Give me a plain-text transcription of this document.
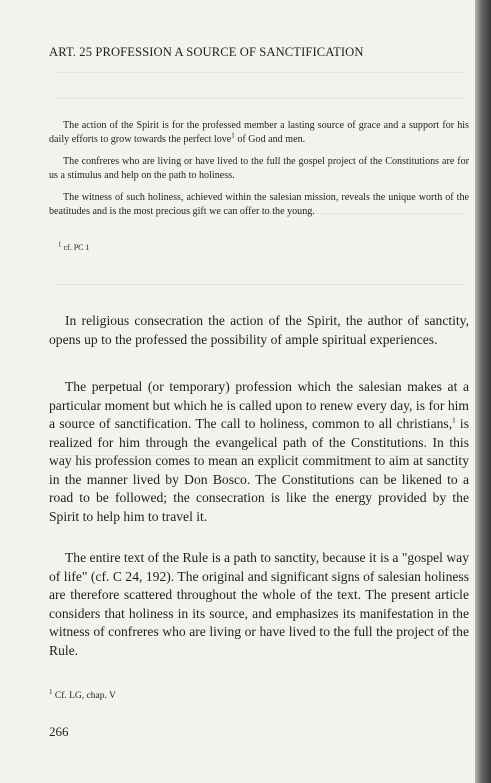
ART. 25 PROFESSION A SOURCE OF SANCTIFICATION

The action of the Spirit is for the professed member a lasting source of grace and a support for his daily efforts to grow towards the perfect love$^1$ of God and men.

The confreres who are living or have lived to the full the gospel project of the Constitutions are for us a stimulus and help on the path to holiness.

The witness of such holiness, achieved within the salesian mission, reveals the unique worth of the beatitudes and is the most precious gift we can offer to the young.

$^1$ cf. PC 1

In religious consecration the action of the Spirit, the author of sanctity, opens up to the professed the possibility of ample spiritual experiences.

The perpetual (or temporary) profession which the salesian makes at a particular moment but which he is called upon to renew every day, is for him a source of sanctification. The call to holiness, common to all christians,$^1$ is realized for him through the evangelical path of the Constitutions. In this way his profession comes to mean an explicit commitment to aim at sanctity in the manner lived by Don Bosco. The Constitutions can be likened to a road to be followed; the consecration is like the energy provided by the Spirit to help him to travel it.

The entire text of the Rule is a path to sanctity, because it is a "gospel way of life" (cf. C 24, 192). The original and significant signs of salesian holiness are therefore scattered throughout the whole of the text. The present article considers that holiness in its source, and emphasizes its manifestation in the witness of confreres who are living or have lived to the full the project of the Rule.

$^1$ Cf. LG, chap. V
266
